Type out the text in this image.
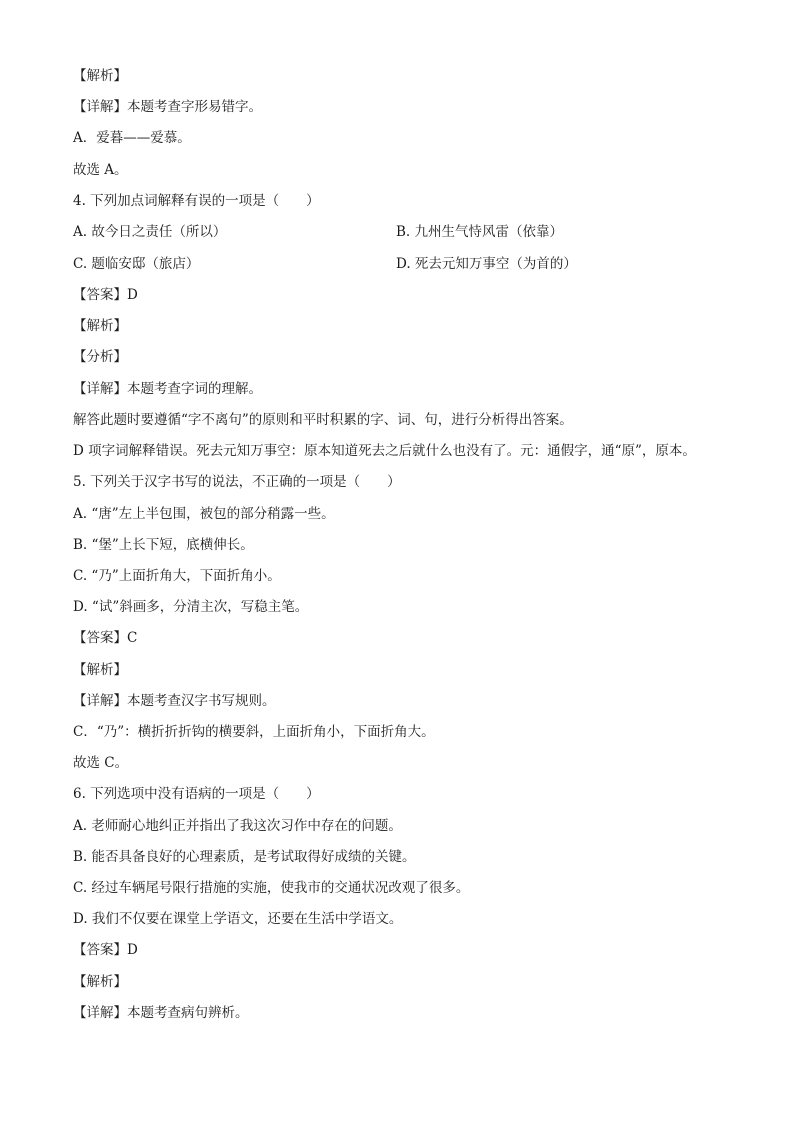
【解析】
【详解】本题考查字形易错字。
A．爱暮——爱慕。
故选 A。
4. 下列加点词解释有误的一项是（　　）
A. 故今日之责任（所以）	B. 九州生气恃风雷（依靠）
C. 题临安邸（旅店）	D. 死去元知万事空（为首的）
【答案】D
【解析】
【分析】
【详解】本题考查字词的理解。
解答此题时要遵循“字不离句”的原则和平时积累的字、词、句，进行分析得出答案。
D 项字词解释错误。死去元知万事空：原本知道死去之后就什么也没有了。元：通假字，通“原”，原本。
5. 下列关于汉字书写的说法，不正确的一项是（　　）
A. “唐”左上半包围，被包的部分稍露一些。
B. “堡”上长下短，底横伸长。
C. “乃”上面折角大，下面折角小。
D. “试”斜画多，分清主次，写稳主笔。
【答案】C
【解析】
【详解】本题考查汉字书写规则。
C．“乃”：横折折折钩的横要斜，上面折角小，下面折角大。
故选 C。
6. 下列选项中没有语病的一项是（　　）
A. 老师耐心地纠正并指出了我这次习作中存在的问题。
B. 能否具备良好的心理素质，是考试取得好成绩的关键。
C. 经过车辆尾号限行措施的实施，使我市的交通状况改观了很多。
D. 我们不仅要在课堂上学语文，还要在生活中学语文。
【答案】D
【解析】
【详解】本题考查病句辨析。
